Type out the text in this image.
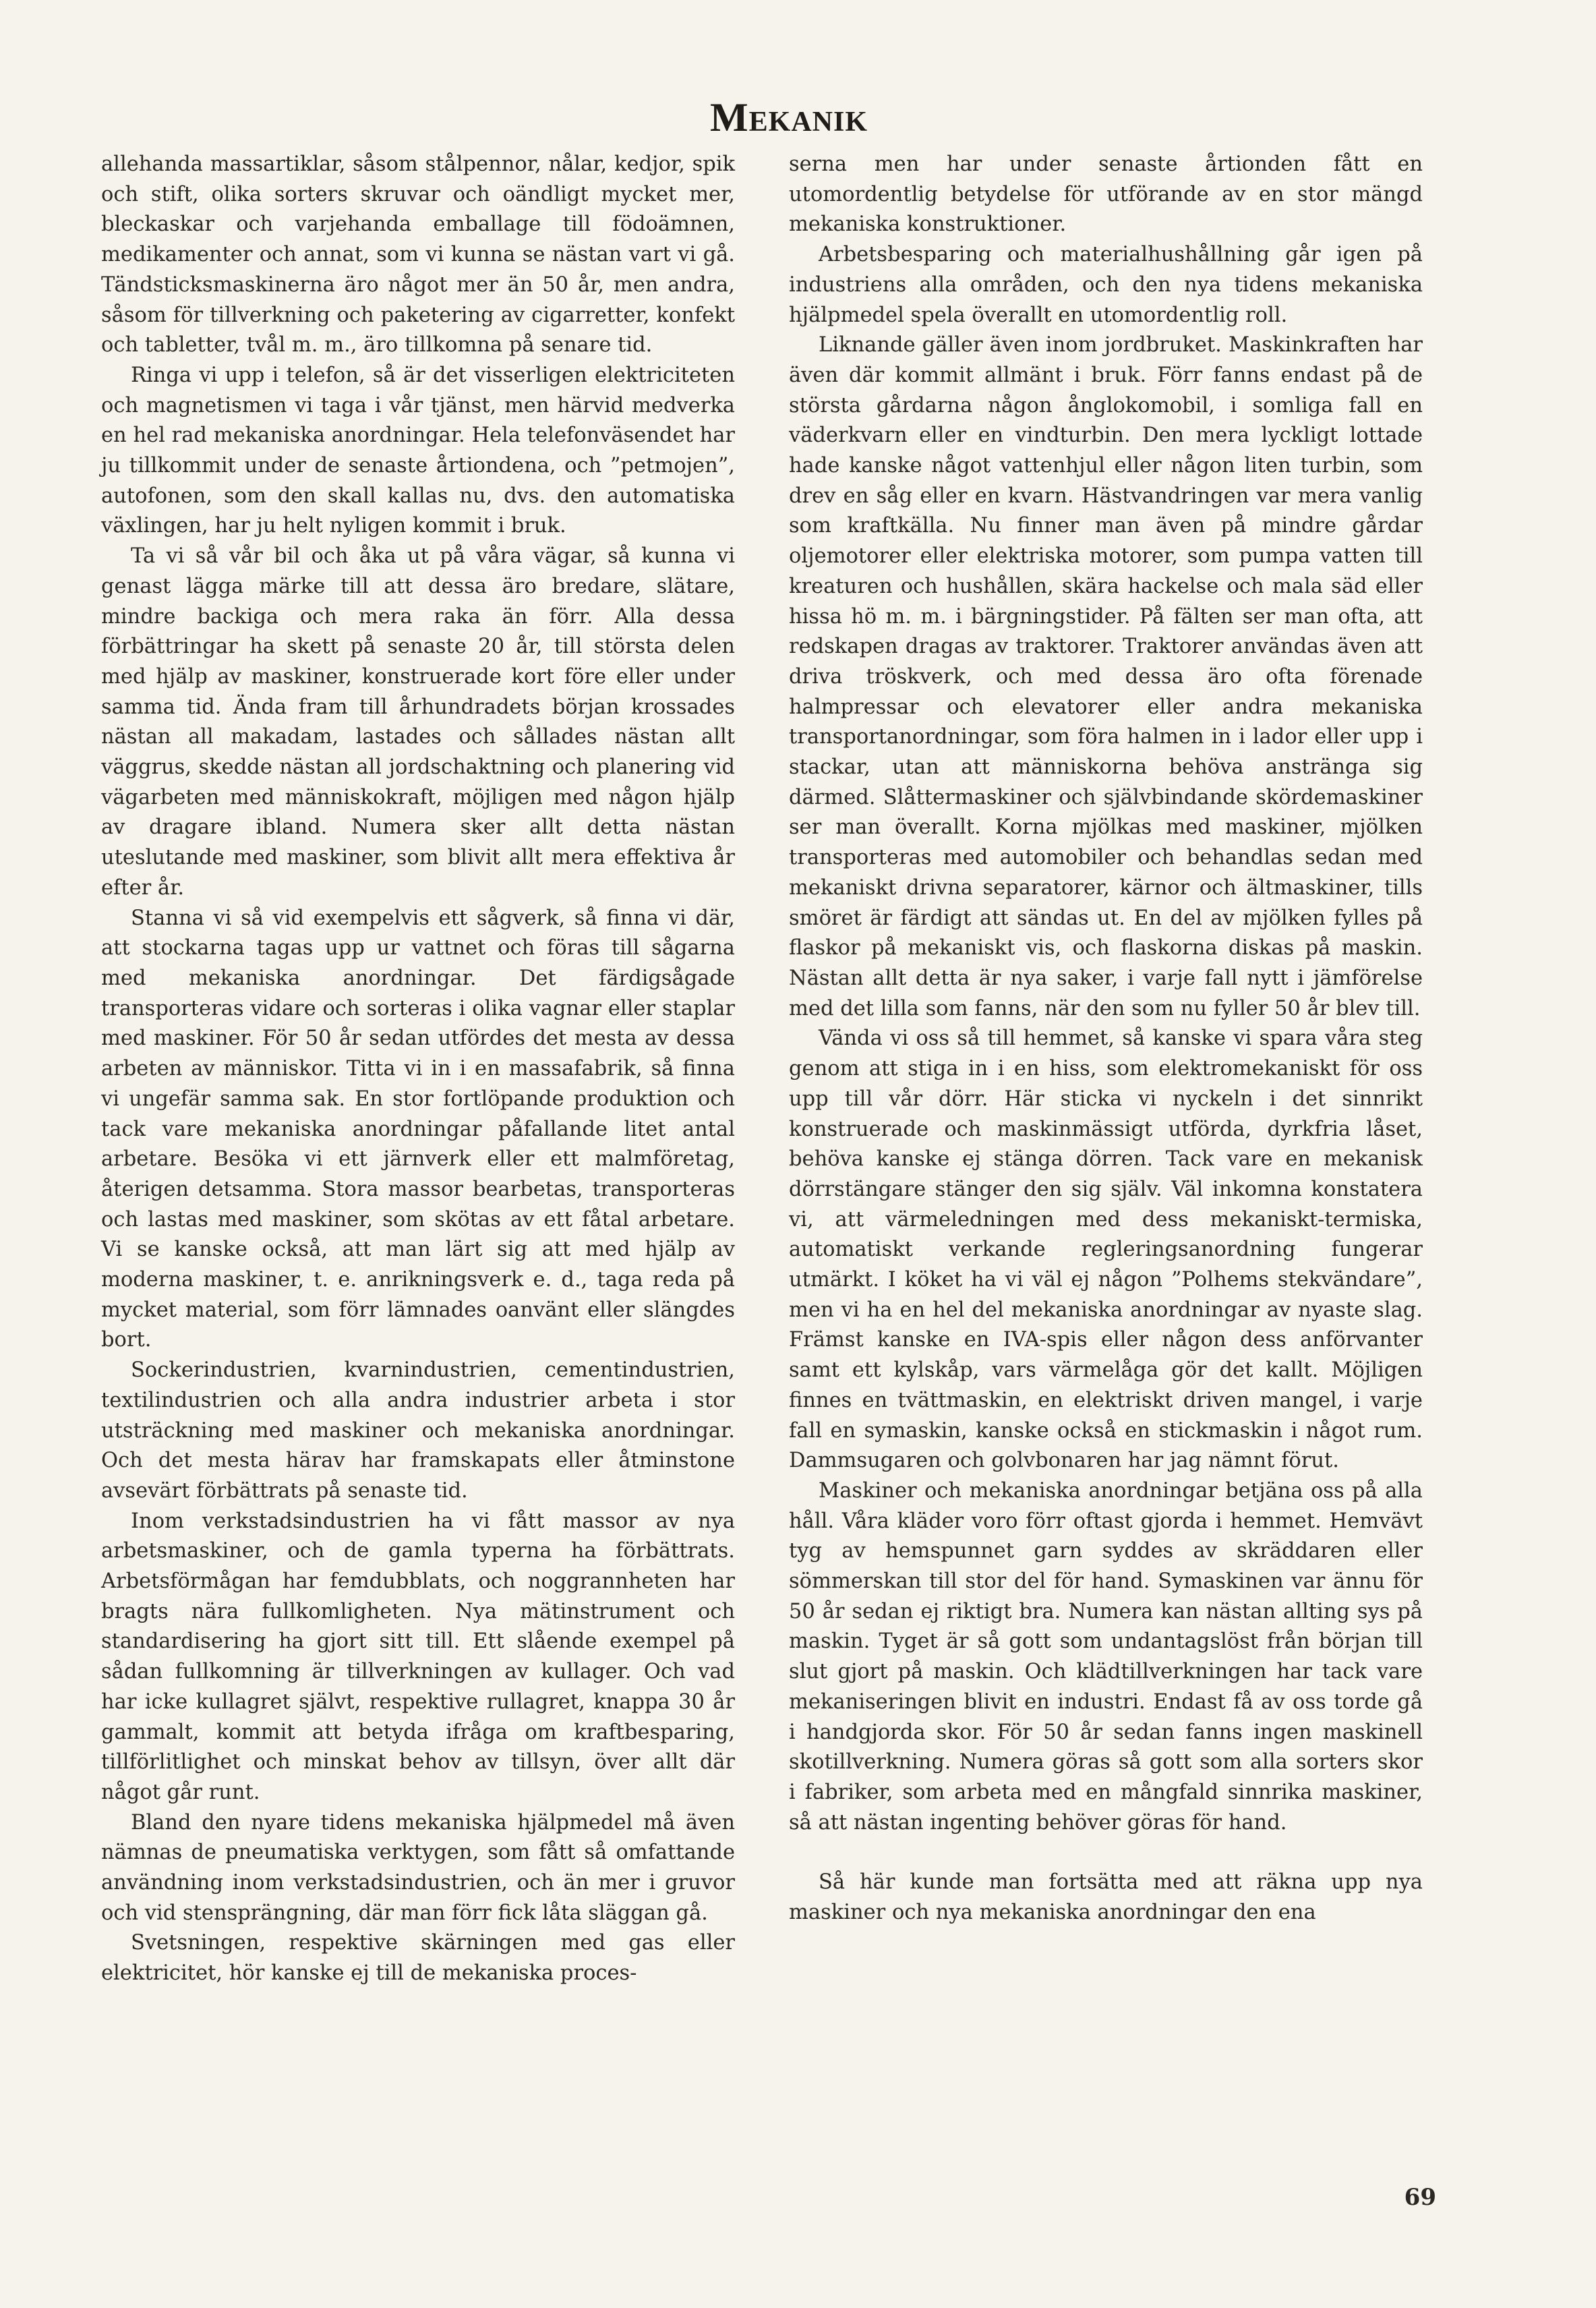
Mekanik

allehanda massartiklar, såsom stålpennor, nålar, kedjor, spik och stift, olika sorters skruvar och oändligt mycket mer, bleckaskar och varjehanda emballage till födoämnen, medikamenter och annat, som vi kunna se nästan vart vi gå. Tändsticksmaskinerna äro något mer än 50 år, men andra, såsom för tillverkning och paketering av cigarretter, konfekt och tabletter, tvål m. m., äro tillkomna på senare tid.

Ringa vi upp i telefon, så är det visserligen elektriciteten och magnetismen vi taga i vår tjänst, men härvid medverka en hel rad mekaniska anordningar. Hela telefonväsendet har ju tillkommit under de senaste årtiondena, och ”petmojen”, autofonen, som den skall kallas nu, dvs. den automatiska växlingen, har ju helt nyligen kommit i bruk.

Ta vi så vår bil och åka ut på våra vägar, så kunna vi genast lägga märke till att dessa äro bredare, slätare, mindre backiga och mera raka än förr. Alla dessa förbättringar ha skett på senaste 20 år, till största delen med hjälp av maskiner, konstruerade kort före eller under samma tid. Ända fram till århundradets början krossades nästan all makadam, lastades och sållades nästan allt väggrus, skedde nästan all jordschaktning och planering vid vägarbeten med människokraft, möjligen med någon hjälp av dragare ibland. Numera sker allt detta nästan uteslutande med maskiner, som blivit allt mera effektiva år efter år.

Stanna vi så vid exempelvis ett sågverk, så finna vi där, att stockarna tagas upp ur vattnet och föras till sågarna med mekaniska anordningar. Det färdigsågade transporteras vidare och sorteras i olika vagnar eller staplar med maskiner. För 50 år sedan utfördes det mesta av dessa arbeten av människor. Titta vi in i en massafabrik, så finna vi ungefär samma sak. En stor fortlöpande produktion och tack vare mekaniska anordningar påfallande litet antal arbetare. Besöka vi ett järnverk eller ett malmföretag, återigen detsamma. Stora massor bearbetas, transporteras och lastas med maskiner, som skötas av ett fåtal arbetare. Vi se kanske också, att man lärt sig att med hjälp av moderna maskiner, t. e. anrikningsverk e. d., taga reda på mycket material, som förr lämnades oanvänt eller slängdes bort.

Sockerindustrien, kvarnindustrien, cementindustrien, textilindustrien och alla andra industrier arbeta i stor utsträckning med maskiner och mekaniska anordningar. Och det mesta härav har framskapats eller åtminstone avsevärt förbättrats på senaste tid.

Inom verkstadsindustrien ha vi fått massor av nya arbetsmaskiner, och de gamla typerna ha förbättrats. Arbetsförmågan har femdubblats, och noggrannheten har bragts nära fullkomligheten. Nya mätinstrument och standardisering ha gjort sitt till. Ett slående exempel på sådan fullkomning är tillverkningen av kullager. Och vad har icke kullagret självt, respektive rullagret, knappa 30 år gammalt, kommit att betyda ifråga om kraftbesparing, tillförlitlighet och minskat behov av tillsyn, över allt där något går runt.

Bland den nyare tidens mekaniska hjälpmedel må även nämnas de pneumatiska verktygen, som fått så omfattande användning inom verkstadsindustrien, och än mer i gruvor och vid stensprängning, där man förr fick låta släggan gå.

Svetsningen, respektive skärningen med gas eller elektricitet, hör kanske ej till de mekaniska proces-

serna men har under senaste årtionden fått en utomordentlig betydelse för utförande av en stor mängd mekaniska konstruktioner.

Arbetsbesparing och materialhushållning går igen på industriens alla områden, och den nya tidens mekaniska hjälpmedel spela överallt en utomordentlig roll.

Liknande gäller även inom jordbruket. Maskinkraften har även där kommit allmänt i bruk. Förr fanns endast på de största gårdarna någon ånglokomobil, i somliga fall en väderkvarn eller en vindturbin. Den mera lyckligt lottade hade kanske något vattenhjul eller någon liten turbin, som drev en såg eller en kvarn. Hästvandringen var mera vanlig som kraftkälla. Nu finner man även på mindre gårdar oljemotorer eller elektriska motorer, som pumpa vatten till kreaturen och hushållen, skära hackelse och mala säd eller hissa hö m. m. i bärgningstider. På fälten ser man ofta, att redskapen dragas av traktorer. Traktorer användas även att driva tröskverk, och med dessa äro ofta förenade halmpressar och elevatorer eller andra mekaniska transportanordningar, som föra halmen in i lador eller upp i stackar, utan att människorna behöva anstränga sig därmed. Slåttermaskiner och självbindande skördemaskiner ser man överallt. Korna mjölkas med maskiner, mjölken transporteras med automobiler och behandlas sedan med mekaniskt drivna separatorer, kärnor och ältmaskiner, tills smöret är färdigt att sändas ut. En del av mjölken fylles på flaskor på mekaniskt vis, och flaskorna diskas på maskin. Nästan allt detta är nya saker, i varje fall nytt i jämförelse med det lilla som fanns, när den som nu fyller 50 år blev till.

Vända vi oss så till hemmet, så kanske vi spara våra steg genom att stiga in i en hiss, som elektromekaniskt för oss upp till vår dörr. Här sticka vi nyckeln i det sinnrikt konstruerade och maskinmässigt utförda, dyrkfria låset, behöva kanske ej stänga dörren. Tack vare en mekanisk dörrstängare stänger den sig själv. Väl inkomna konstatera vi, att värmeledningen med dess mekaniskt-termiska, automatiskt verkande regleringsanordning fungerar utmärkt. I köket ha vi väl ej någon ”Polhems stekvändare”, men vi ha en hel del mekaniska anordningar av nyaste slag. Främst kanske en IVA-spis eller någon dess anförvanter samt ett kylskåp, vars värmelåga gör det kallt. Möjligen finnes en tvättmaskin, en elektriskt driven mangel, i varje fall en symaskin, kanske också en stickmaskin i något rum. Dammsugaren och golvbonaren har jag nämnt förut.

Maskiner och mekaniska anordningar betjäna oss på alla håll. Våra kläder voro förr oftast gjorda i hemmet. Hemvävt tyg av hemspunnet garn syddes av skräddaren eller sömmerskan till stor del för hand. Symaskinen var ännu för 50 år sedan ej riktigt bra. Numera kan nästan allting sys på maskin. Tyget är så gott som undantagslöst från början till slut gjort på maskin. Och klädtillverkningen har tack vare mekaniseringen blivit en industri. Endast få av oss torde gå i handgjorda skor. För 50 år sedan fanns ingen maskinell skotillverkning. Numera göras så gott som alla sorters skor i fabriker, som arbeta med en mångfald sinnrika maskiner, så att nästan ingenting behöver göras för hand.

Så här kunde man fortsätta med att räkna upp nya maskiner och nya mekaniska anordningar den ena

69
